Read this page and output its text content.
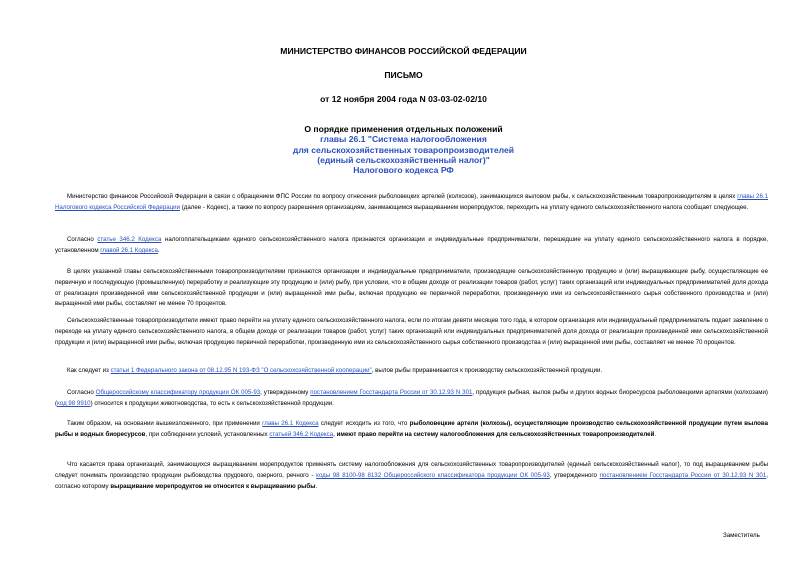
МИНИСТЕРСТВО ФИНАНСОВ РОССИЙСКОЙ ФЕДЕРАЦИИ
ПИСЬМО
от 12 ноября 2004 года N 03-03-02-02/10
О порядке применения отдельных положений
главы 26.1 "Система налогообложения
для сельскохозяйственных товаропроизводителей
(единый сельскохозяйственный налог)"
Налогового кодекса РФ
Министерство финансов Российской Федерации в связи с обращением ФПС России по вопросу отнесения рыболовецких артелей (колхозов), занимающихся выловом рыбы, к сельскохозяйственным товаропроизводителям в целях главы 26.1 Налогового кодекса Российской Федерации (далее - Кодекс), а также по вопросу разрешения организациям, занимающимся выращиванием морепродуктов, переходить на уплату единого сельскохозяйственного налога сообщает следующее.
Согласно статье 346.2 Кодекса налогоплательщиками единого сельскохозяйственного налога признаются организации и индивидуальные предприниматели, перешедшие на уплату единого сельскохозяйственного налога в порядке, установленном главой 26.1 Кодекса.
В целях указанной главы сельскохозяйственными товаропроизводителями признаются организации и индивидуальные предприниматели, производящие сельскохозяйственную продукцию и (или) выращивающие рыбу, осуществляющие ее первичную и последующую (промышленную) переработку и реализующие эту продукцию и (или) рыбу, при условии, что в общем доходе от реализации товаров (работ, услуг) таких организаций или индивидуальных предпринимателей доля дохода от реализации произведенной ими сельскохозяйственной продукции и (или) выращенной ими рыбы, включая продукцию ее первичной переработки, произведенную ими из сельскохозяйственного сырья собственного производства и (или) выращенной ими рыбы, составляет не менее 70 процентов.
Сельскохозяйственные товаропроизводители имеют право перейти на уплату единого сельскохозяйственного налога, если по итогам девяти месяцев того года, в котором организация или индивидуальный предприниматель подает заявление о переходе на уплату единого сельскохозяйственного налога, в общем доходе от реализации товаров (работ, услуг) таких организаций или индивидуальных предпринимателей доля дохода от реализации произведенной ими сельскохозяйственной продукции и (или) выращенной ими рыбы, включая продукцию первичной переработки, произведенную ими из сельскохозяйственного сырья собственного производства и (или) выращенной ими рыбы, составляет не менее 70 процентов.
Как следует из статьи 1 Федерального закона от 08.12.95 N 193-ФЗ "О сельскохозяйственной кооперации", вылов рыбы приравнивается к производству сельскохозяйственной продукции.
Согласно Общероссийскому классификатору продукции ОК 005-93, утвержденному постановлением Госстандарта России от 30.12.93 N 301, продукция рыбная, вылов рыбы и других водных биоресурсов рыболовецкими артелями (колхозами) (код 98 9910) относится к продукции животноводства, то есть к сельскохозяйственной продукции.
Таким образом, на основании вышеизложенного, при применении главы 26.1 Кодекса следует исходить из того, что рыболовецкие артели (колхозы), осуществляющие производство сельскохозяйственной продукции путем вылова рыбы и водных биоресурсов, при соблюдении условий, установленных статьей 346.2 Кодекса, имеют право перейти на систему налогообложения для сельскохозяйственных товаропроизводителей.
Что касается права организаций, занимающихся выращиванием морепродуктов применять систему налогообложения для сельскохозяйственных товаропроизводителей (единый сельскохозяйственный налог), то под выращиванием рыбы следует понимать производство продукции рыбоводства прудового, озерного, речного - коды 98 8100-98 8132 Общероссийского классификатора продукции ОК 005-93, утвержденного постановлением Госстандарта России от 30.12.93 N 301, согласно которому выращивание морепродуктов не относится к выращиванию рыбы.
Заместитель
